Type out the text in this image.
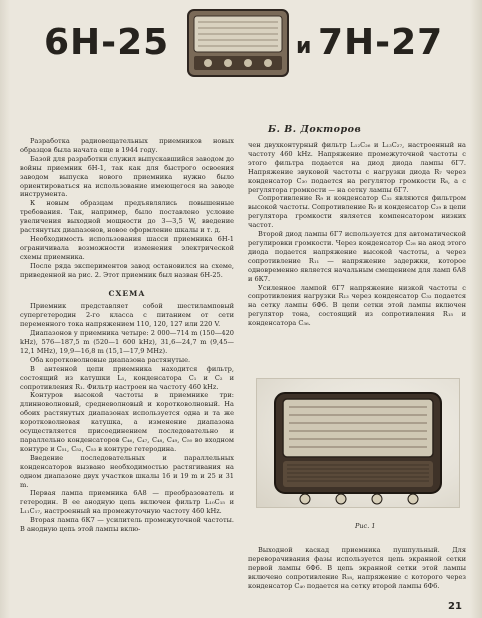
6Н-25	и 7Н-27
Б. В. Докторов

Разработка радиовещательных приемников новых образцов была начата еще в 1944 году.

Базой для разработки служил выпускавшийся заводом до войны приемник 6Н-1, так как для быстрого освоения заводом выпуска нового приемника нужно было ориентироваться на использование имеющегося на заводе инструмента.

К новым образцам предъявлялись повышенные требования. Так, например, было поставлено условие увеличения выходной мощности до 3—3,5 W, введение растянутых диапазонов, новое оформление шкалы и т. д.

Необходимость использования шасси приемника 6Н-1 ограничивала возможности изменения электрической схемы приемника.

После ряда экспериментов завод остановился на схеме, приведенной на рис. 2. Этот приемник был назван 6Н-25.

СХЕМА

Приемник представляет собой шестиламповый супергетеродин 2-го класса с питанием от сети переменного тока напряжением 110, 120, 127 или 220 V.

Диапазонов у приемника четыре: 2 000—714 m (150—420 kHz), 576—187,5 m (520—1 600 kHz), 31,6—24,7 m (9,45—12,1 MHz), 19,9—16,8 m (15,1—17,9 MHz).

Оба коротковолновые диапазона растянутые.

В антенной цепи приемника находится фильтр, состоящий из катушки L₁, конденсатора C₁ и C₂ и сопротивления R₁. Фильтр настроен на частоту 460 kHz.

Контуров высокой частоты в приемнике три: длинноволновый, средневолновый и коротковолновый. На обоих растянутых диапазонах используется одна и та же коротковолновая катушка, а изменение диапазона осуществляется присоединением последовательно и параллельно конденсаторов C₄₆, C₄₇, C₄₈, C₄₉, C₅₀ во входном контуре и C₅₁, C₅₂, C₅₃ в контуре гетеродина.

Введение последовательных и параллельных конденсаторов вызвано необходимостью растягивания на одном диапазоне двух участков шкалы 16 и 19 m и 25 и 31 m.

Первая лампа приемника 6А8 — преобразователь и гетеродин. В ее анодную цепь включен фильтр L₁₀C₁₅ и L₁₁C₁₇, настроенный на промежуточную частоту 460 kHz.

Вторая лампа 6К7 — усилитель промежуточной частоты. В анодную цепь этой лампы вклю-

чен двухконтурный фильтр L₁₂C₂₆ и L₁₃C₂₇, настроенный на частоту 460 kHz. Напряжение промежуточной частоты с этого фильтра подается на диод диода лампы 6Г7. Напряжение звуковой частоты с нагрузки диода R₇ через конденсатор C₃₀ подается на регулятор громкости R₈, а с регулятора громкости — на сетку лампы 6Г7.

Сопротивление R₉ и конденсатор C₃₂ являются фильтром высокой частоты. Сопротивление R₉ и конденсатор C₂₉ в цепи регулятора громкости является компенсатором низких частот.

Второй диод лампы 6Г7 используется для автоматической регулировки громкости. Через конденсатор C₂₈ на анод этого диода подается напряжение высокой частоты, а через сопротивление R₁₁ — напряжение задержки, которое одновременно является начальным смещением для ламп 6А8 и 6К7.

Усиленное лампой 6Г7 напряжение низкой частоты с сопротивления нагрузки R₁₃ через конденсатор C₃₃ подается на сетку лампы 6Ф6. В цепи сетки этой лампы включен регулятор тона, состоящий из сопротивления R₁₅ и конденсатора C₃₆.

Рис. 1

Выходной каскад приемника пушпульный. Для переворачивания фазы используется цепь экранной сетки первой лампы 6Ф6. В цепь экранной сетки этой лампы включено сопротивление R₁₈, напряжение с которого через конденсатор C₄₀ подается на сетку второй лампы 6Ф6.

21
